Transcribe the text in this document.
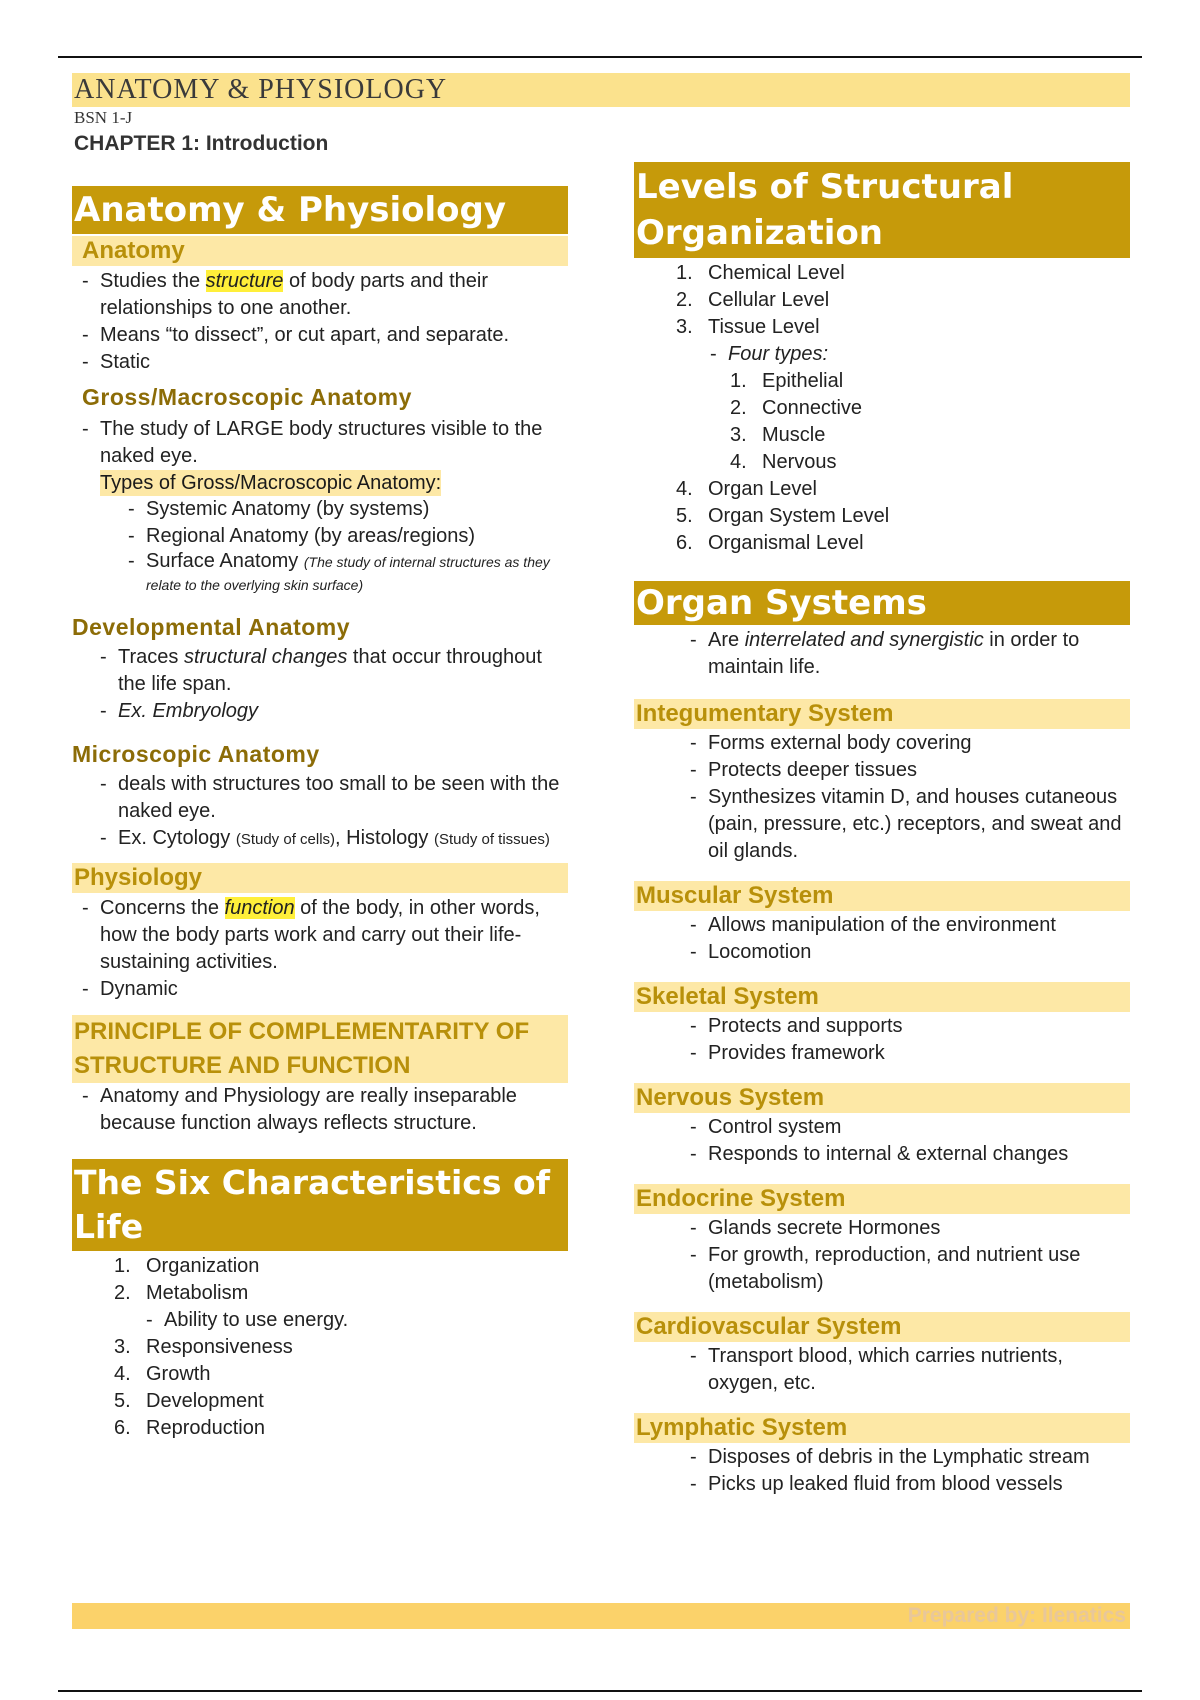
ANATOMY & PHYSIOLOGY
BSN 1-J
CHAPTER 1: Introduction
Anatomy & Physiology
Anatomy
- Studies the structure of body parts and their relationships to one another.
- Means “to dissect”, or cut apart, and separate.
- Static
Gross/Macroscopic Anatomy
- The study of LARGE body structures visible to the naked eye.
Types of Gross/Macroscopic Anatomy:
- Systemic Anatomy (by systems)
- Regional Anatomy (by areas/regions)
- Surface Anatomy (The study of internal structures as they relate to the overlying skin surface)
Developmental Anatomy
- Traces structural changes that occur throughout the life span.
- Ex. Embryology
Microscopic Anatomy
- deals with structures too small to be seen with the naked eye.
- Ex. Cytology (Study of cells), Histology (Study of tissues)
Physiology
- Concerns the function of the body, in other words, how the body parts work and carry out their life-sustaining activities.
- Dynamic
PRINCIPLE OF COMPLEMENTARITY OF STRUCTURE AND FUNCTION
- Anatomy and Physiology are really inseparable because function always reflects structure.
The Six Characteristics of Life
1. Organization
2. Metabolism
- Ability to use energy.
3. Responsiveness
4. Growth
5. Development
6. Reproduction
Levels of Structural Organization
1. Chemical Level
2. Cellular Level
3. Tissue Level
- Four types:
1. Epithelial
2. Connective
3. Muscle
4. Nervous
4. Organ Level
5. Organ System Level
6. Organismal Level
Organ Systems
- Are interrelated and synergistic in order to maintain life.
Integumentary System
- Forms external body covering
- Protects deeper tissues
- Synthesizes vitamin D, and houses cutaneous (pain, pressure, etc.) receptors, and sweat and oil glands.
Muscular System
- Allows manipulation of the environment
- Locomotion
Skeletal System
- Protects and supports
- Provides framework
Nervous System
- Control system
- Responds to internal & external changes
Endocrine System
- Glands secrete Hormones
- For growth, reproduction, and nutrient use (metabolism)
Cardiovascular System
- Transport blood, which carries nutrients, oxygen, etc.
Lymphatic System
- Disposes of debris in the Lymphatic stream
- Picks up leaked fluid from blood vessels
Prepared by: Ilenatics
